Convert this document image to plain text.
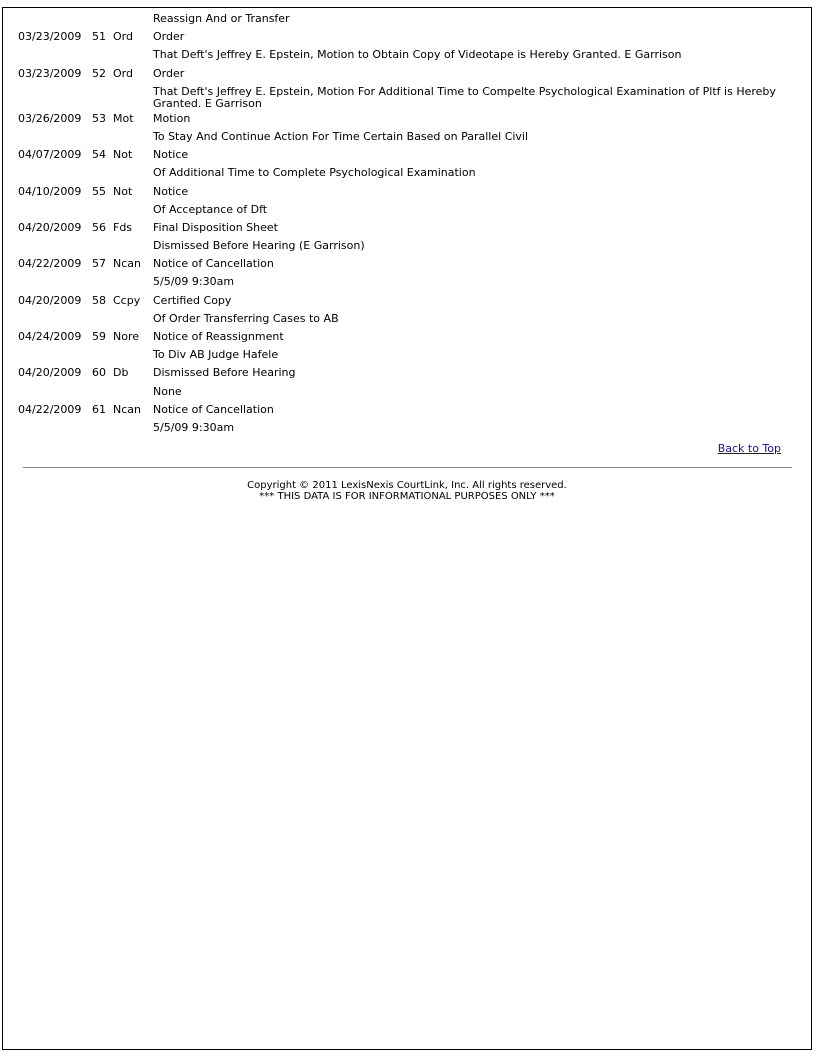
Reassign And or Transfer
03/23/2009 51 Ord	Order
That Deft's Jeffrey E. Epstein, Motion to Obtain Copy of Videotape is Hereby Granted. E Garrison
03/23/2009 52 Ord	Order
That Deft's Jeffrey E. Epstein, Motion For Additional Time to Compelte Psychological Examination of Pltf is Hereby Granted. E Garrison
03/26/2009 53 Mot	Motion
To Stay And Continue Action For Time Certain Based on Parallel Civil
04/07/2009 54 Not	Notice
Of Additional Time to Complete Psychological Examination
04/10/2009 55 Not	Notice
Of Acceptance of Dft
04/20/2009 56 Fds	Final Disposition Sheet
Dismissed Before Hearing (E Garrison)
04/22/2009 57 Ncan	Notice of Cancellation
5/5/09 9:30am
04/20/2009 58 Ccpy	Certified Copy
Of Order Transferring Cases to AB
04/24/2009 59 Nore	Notice of Reassignment
To Div AB Judge Hafele
04/20/2009 60 Db	Dismissed Before Hearing
None
04/22/2009 61 Ncan	Notice of Cancellation
5/5/09 9:30am
Back to Top
Copyright © 2011 LexisNexis CourtLink, Inc. All rights reserved.
*** THIS DATA IS FOR INFORMATIONAL PURPOSES ONLY ***
